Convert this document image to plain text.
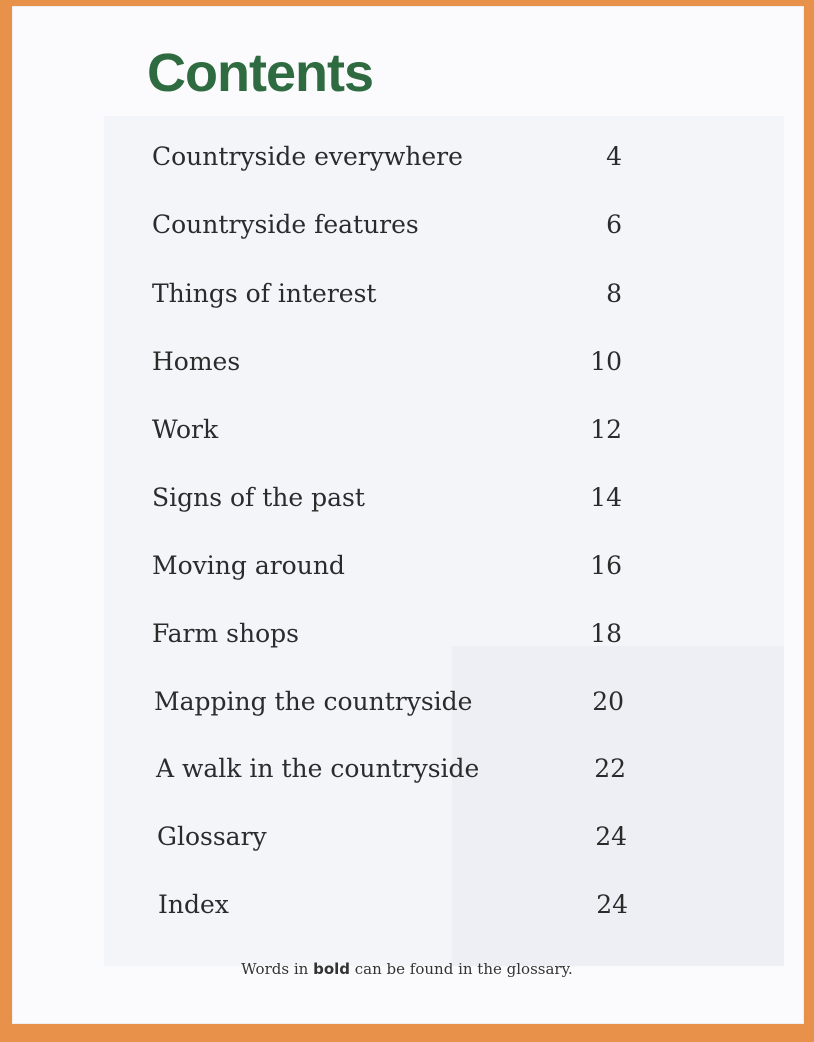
Contents
Countryside everywhere	4
Countryside features	6
Things of interest	8
Homes	10
Work	12
Signs of the past	14
Moving around	16
Farm shops	18
Mapping the countryside	20
A walk in the countryside	22
Glossary	24
Index	24
Words in bold can be found in the glossary.
